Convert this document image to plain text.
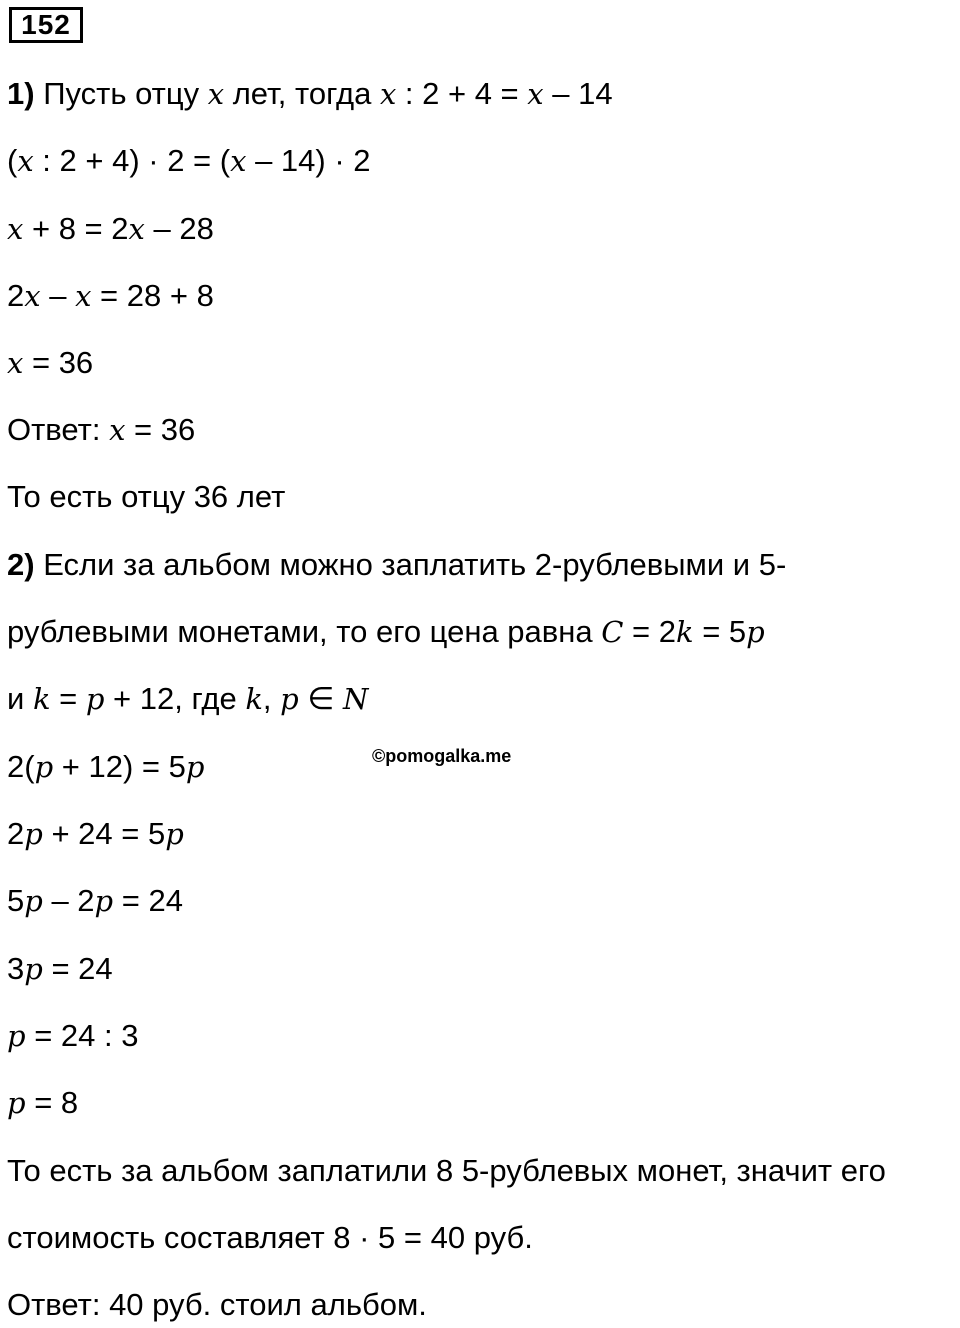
152
1) Пусть отцу x лет, тогда x : 2 + 4 = x – 14
(x : 2 + 4) · 2 = (x – 14) · 2
x + 8 = 2x – 28
2x – x = 28 + 8
x = 36
Ответ: x = 36
То есть отцу 36 лет
2) Если за альбом можно заплатить 2-рублевыми и 5-
рублевыми монетами, то его цена равна C = 2k = 5p
и k = p + 12, где k, p ∈ N
2(p + 12) = 5p
2p + 24 = 5p
5p – 2p = 24
3p = 24
p = 24 : 3
p = 8
То есть за альбом заплатили 8 5-рублевых монет, значит его
стоимость составляет 8 · 5 = 40 руб.
Ответ: 40 руб. стоил альбом.
©pomogalka.me
